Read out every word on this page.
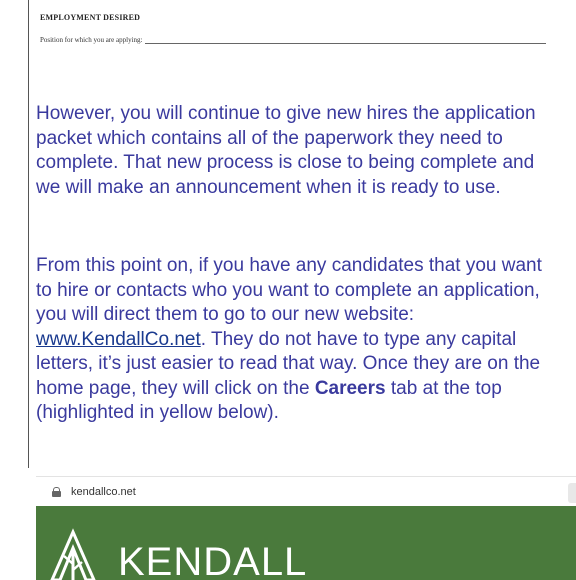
EMPLOYMENT DESIRED
Position for which you are applying:

However, you will continue to give new hires the application packet which contains all of the paperwork they need to complete. That new process is close to being complete and we will make an announcement when it is ready to use.

From this point on, if you have any candidates that you want to hire or contacts who you want to complete an application, you will direct them to go to our new website: www.KendallCo.net. They do not have to type any capital letters, it’s just easier to read that way. Once they are on the home page, they will click on the Careers tab at the top (highlighted in yellow below).

kendallco.net
KENDALL
